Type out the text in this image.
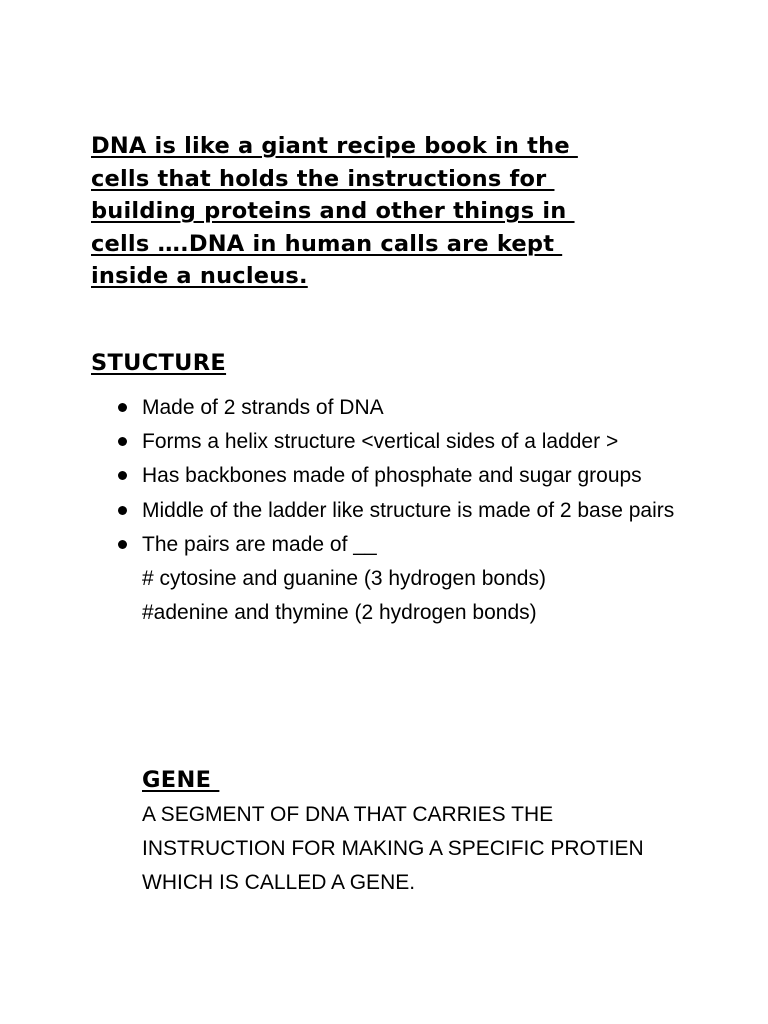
DNA is like a giant recipe book in the
cells that holds the instructions for
building proteins and other things in
cells ….DNA in human calls are kept
inside a nucleus.

STUCTURE
Made of 2 strands of DNA
Forms a helix structure <vertical sides of a ladder >
Has backbones made of phosphate and sugar groups
Middle of the ladder like structure is made of 2 base pairs
The pairs are made of __
# cytosine and guanine (3 hydrogen bonds)
#adenine and thymine (2 hydrogen bonds)
GENE

A SEGMENT OF DNA THAT CARRIES THE
INSTRUCTION FOR MAKING A SPECIFIC PROTIEN
WHICH IS CALLED A GENE.
